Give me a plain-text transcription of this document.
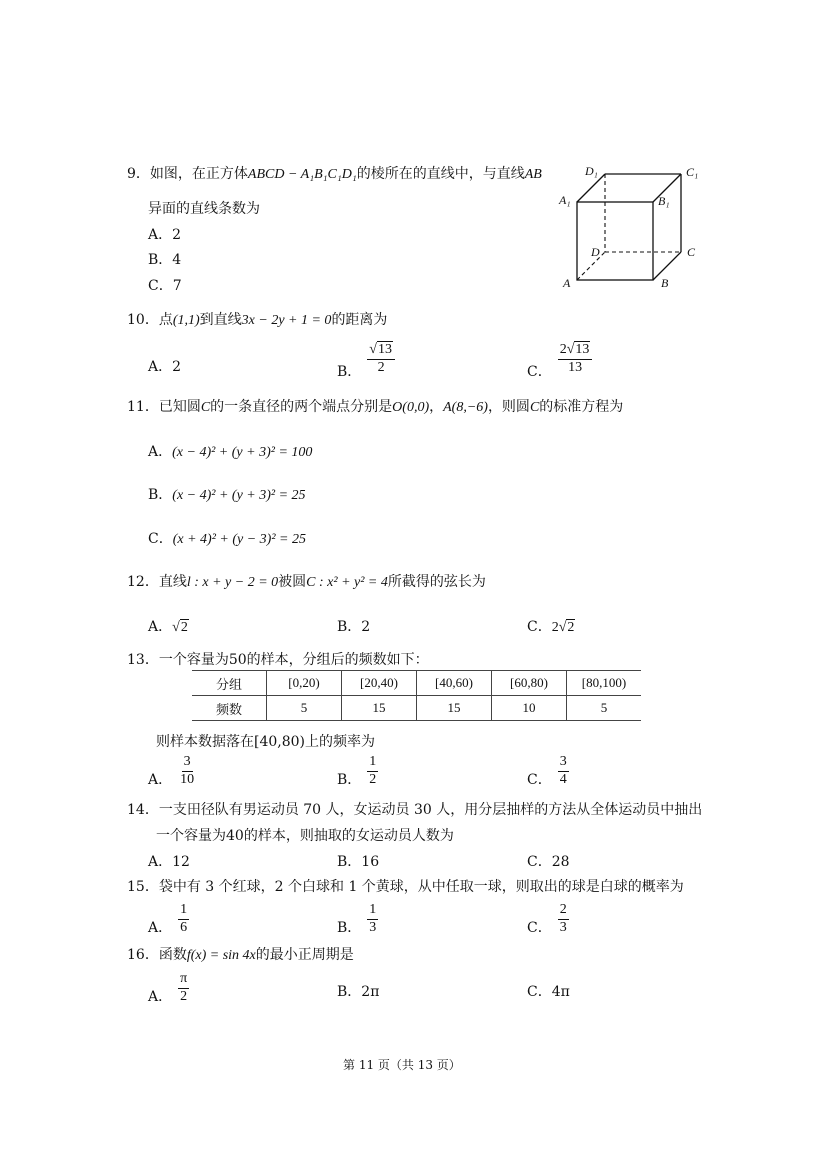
9．如图，在正方体ABCD − A₁B₁C₁D₁的棱所在的直线中，与直线AB
异面的直线条数为
A．2
B．4
C．7
D₁	C₁
A₁	B₁
D	C
A	B
10．点(1,1)到直线3x − 2y + 1 = 0的距离为
A．2	B． $\frac{√13}{2}$	C． $\frac{2√13}{13}$
11．已知圆C的一条直径的两个端点分别是O(0,0)，A(8,−6)，则圆C的标准方程为
A．(x − 4)² + (y + 3)² = 100
B．(x − 4)² + (y + 3)² = 25
C．(x + 4)² + (y − 3)² = 25
12．直线l : x + y − 2 = 0被圆C : x² + y² = 4所截得的弦长为
A．√2	B．2	C．2√2
13．一个容量为50的样本，分组后的频数如下：
分组	[0,20)	[20,40)	[40,60)	[60,80)	[80,100)
频数	5	15	15	10	5
则样本数据落在[40,80)上的频率为
A． $\frac{3}{10}$	B． $\frac{1}{2}$	C． $\frac{3}{4}$
14．一支田径队有男运动员 70 人，女运动员 30 人，用分层抽样的方法从全体运动员中抽出
一个容量为40的样本，则抽取的女运动员人数为
A．12	B．16	C．28
15．袋中有 3 个红球，2 个白球和 1 个黄球，从中任取一球，则取出的球是白球的概率为
A． $\frac{1}{6}$	B． $\frac{1}{3}$	C． $\frac{2}{3}$
16．函数f(x) = sin 4x的最小正周期是
A． $\frac{\pi}{2}$	B．2π	C．4π
第 11 页（共 13 页）
